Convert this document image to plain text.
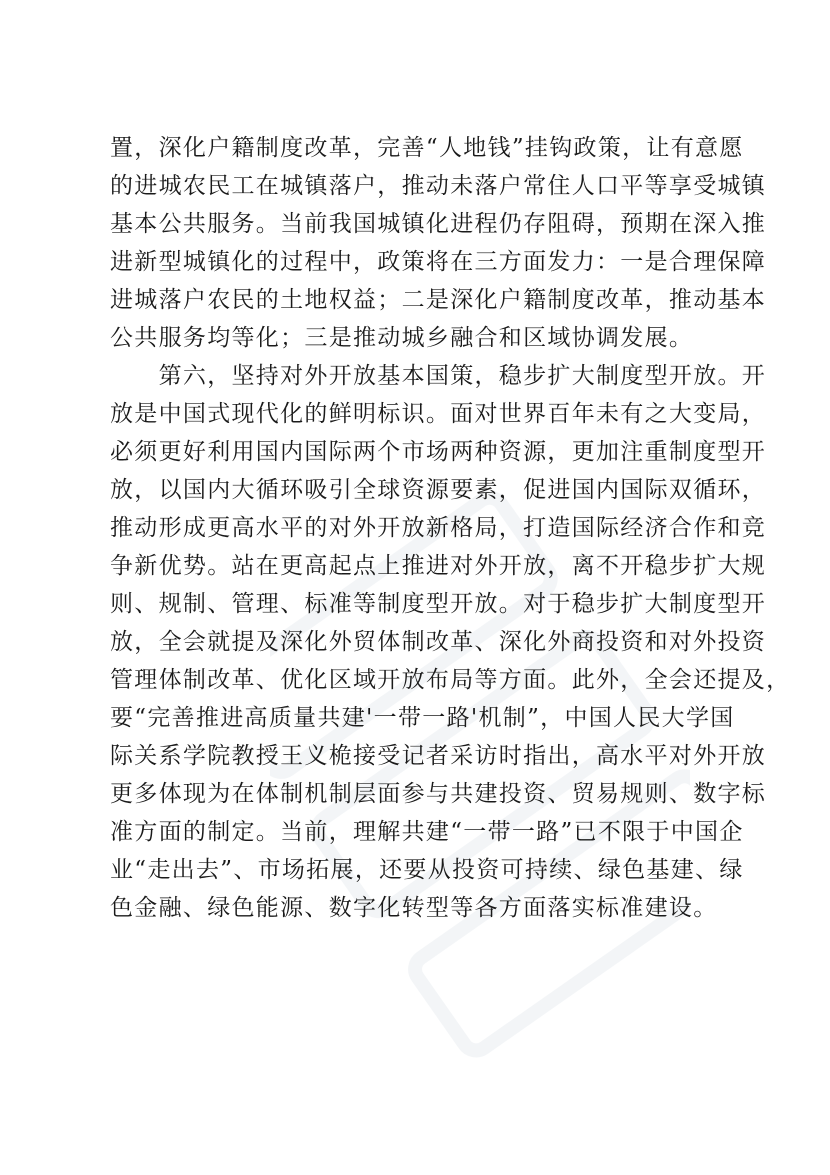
置，深化户籍制度改革，完善“人地钱”挂钩政策，让有意愿
的进城农民工在城镇落户，推动未落户常住人口平等享受城镇
基本公共服务。当前我国城镇化进程仍存阻碍，预期在深入推
进新型城镇化的过程中，政策将在三方面发力：一是合理保障
进城落户农民的土地权益；二是深化户籍制度改革，推动基本
公共服务均等化；三是推动城乡融合和区域协调发展。
　　第六，坚持对外开放基本国策，稳步扩大制度型开放。开
放是中国式现代化的鲜明标识。面对世界百年未有之大变局，
必须更好利用国内国际两个市场两种资源，更加注重制度型开
放，以国内大循环吸引全球资源要素，促进国内国际双循环，
推动形成更高水平的对外开放新格局，打造国际经济合作和竞
争新优势。站在更高起点上推进对外开放，离不开稳步扩大规
则、规制、管理、标准等制度型开放。对于稳步扩大制度型开
放，全会就提及深化外贸体制改革、深化外商投资和对外投资
管理体制改革、优化区域开放布局等方面。此外，全会还提及，
要“完善推进高质量共建'一带一路'机制”，中国人民大学国
际关系学院教授王义桅接受记者采访时指出，高水平对外开放
更多体现为在体制机制层面参与共建投资、贸易规则、数字标
准方面的制定。当前，理解共建“一带一路”已不限于中国企
业“走出去”、市场拓展，还要从投资可持续、绿色基建、绿
色金融、绿色能源、数字化转型等各方面落实标准建设。
